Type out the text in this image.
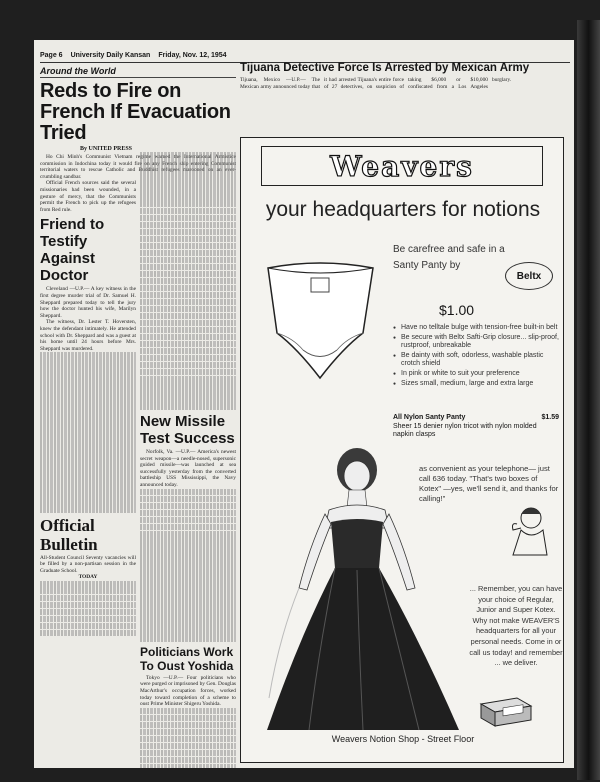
Page 6 University Daily Kansan Friday, Nov. 12, 1954
Tijuana Detective Force Is Arrested by Mexican Army
Tijuana, Mexico —U.P.— The Mexican army announced today that it had arrested Tijuana's entire force of 27 detectives, on suspicion of taking $6,000 or $10,000 confiscated from a Los Angeles burglary.
Around the World
Reds to Fire on French If Evacuation Tried
By UNITED PRESS

Ho Chi Minh's Communist Vietnam regime warned the International Armistice commission in Indochina today it would fire on any French ship entering Communist territorial waters to rescue Catholic and Buddhist refugees marooned on an ever-crumbling sandbar.

Official French sources said the several missionaries had been wounded, in a gesture of mercy, that the Communists permit the French to pick up the refugees from Red rule.

Friend to Testify Against Doctor

Cleveland —U.P.— A key witness in the first degree murder trial of Dr. Samuel H. Sheppard prepared today to tell the jury how the doctor hunted his wife, Marilyn Sheppard.

The witness, Dr. Lester T. Hoversten, knew the defendant intimately. He attended school with Dr. Sheppard and was a guest at his home until 24 hours before Mrs. Sheppard was murdered.

Official Bulletin
All-Student Council Seventy vacancies will be filled by a non-partisan session in the Graduate School.
TODAY
New Missile Test Success

Norfolk, Va. —U.P.— America's newest secret weapon—a needle-nosed, supersonic guided missile—was launched at sea successfully yesterday from the converted battleship USS Mississippi, the Navy announced today.

Politicians Work To Oust Yoshida

Tokyo —U.P.— Four politicians who were purged or imprisoned by Gen. Douglas MacArthur's occupation forces, worked today toward completion of a scheme to oust Prime Minister Shigeru Yoshida.

Weavers
your headquarters for notions
Be carefree and safe in a
Santy Panty by
Beltx
$1.00
● Have no telltale bulge with tension-free built-in belt
● Be secure with Beltx Safti-Grip closure... slip-proof, rustproof, unbreakable
● Be dainty with soft, odorless, washable plastic crotch shield
● In pink or white to suit your preference
● Sizes small, medium, large and extra large
All Nylon Santy Panty	$1.59
Sheer 15 denier nylon tricot with nylon molded napkin clasps
as convenient as your telephone— just call 636 today. "That's two boxes of Kotex" —yes, we'll send it, and thanks for calling!"
... Remember, you can have your choice of Regular, Junior and Super Kotex. Why not make WEAVER'S headquarters for all your personal needs. Come in or call us today! and remember ... we deliver.
Weavers Notion Shop - Street Floor
